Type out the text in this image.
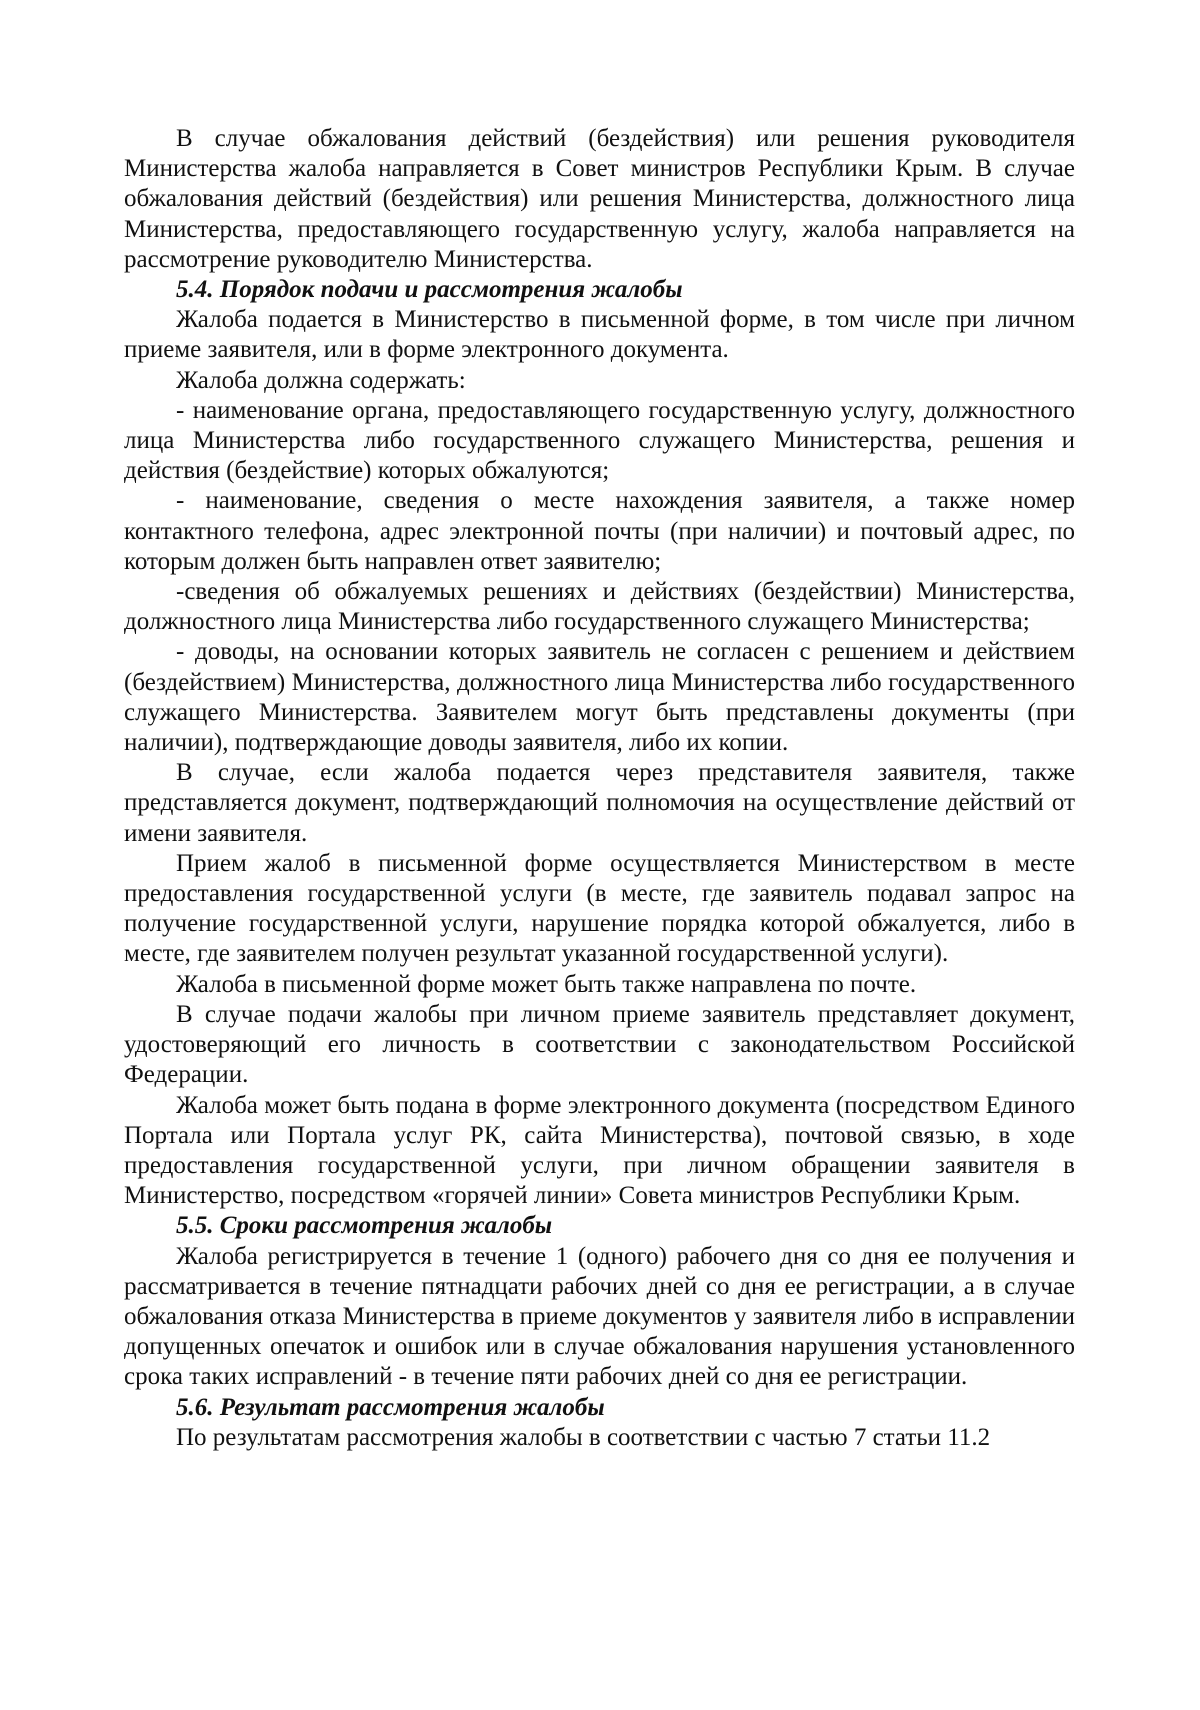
В случае обжалования действий (бездействия) или решения руководителя Министерства жалоба направляется в Совет министров Республики Крым. В случае обжалования действий (бездействия) или решения Министерства, должностного лица Министерства, предоставляющего государственную услугу, жалоба направляется на рассмотрение руководителю Министерства.

5.4. Порядок подачи и рассмотрения жалобы

Жалоба подается в Министерство в письменной форме, в том числе при личном приеме заявителя, или в форме электронного документа.

Жалоба должна содержать:

- наименование органа, предоставляющего государственную услугу, должностного лица Министерства либо государственного служащего Министерства, решения и действия (бездействие) которых обжалуются;

- наименование, сведения о месте нахождения заявителя, а также номер контактного телефона, адрес электронной почты (при наличии) и почтовый адрес, по которым должен быть направлен ответ заявителю;

-сведения об обжалуемых решениях и действиях (бездействии) Министерства, должностного лица Министерства либо государственного служащего Министерства;

- доводы, на основании которых заявитель не согласен с решением и действием (бездействием) Министерства, должностного лица Министерства либо государственного служащего Министерства. Заявителем могут быть представлены документы (при наличии), подтверждающие доводы заявителя, либо их копии.

В случае, если жалоба подается через представителя заявителя, также представляется документ, подтверждающий полномочия на осуществление действий от имени заявителя.

Прием жалоб в письменной форме осуществляется Министерством в месте предоставления государственной услуги (в месте, где заявитель подавал запрос на получение государственной услуги, нарушение порядка которой обжалуется, либо в месте, где заявителем получен результат указанной государственной услуги).

Жалоба в письменной форме может быть также направлена по почте.

В случае подачи жалобы при личном приеме заявитель представляет документ, удостоверяющий его личность в соответствии с законодательством Российской Федерации.

Жалоба может быть подана в форме электронного документа (посредством Единого Портала или Портала услуг РК, сайта Министерства), почтовой связью, в ходе предоставления государственной услуги, при личном обращении заявителя в Министерство, посредством «горячей линии» Совета министров Республики Крым.

5.5. Сроки рассмотрения жалобы

Жалоба регистрируется в течение 1 (одного) рабочего дня со дня ее получения и рассматривается в течение пятнадцати рабочих дней со дня ее регистрации, а в случае обжалования отказа Министерства в приеме документов у заявителя либо в исправлении допущенных опечаток и ошибок или в случае обжалования нарушения установленного срока таких исправлений - в течение пяти рабочих дней со дня ее регистрации.

5.6. Результат рассмотрения жалобы

По результатам рассмотрения жалобы в соответствии с частью 7 статьи 11.2
